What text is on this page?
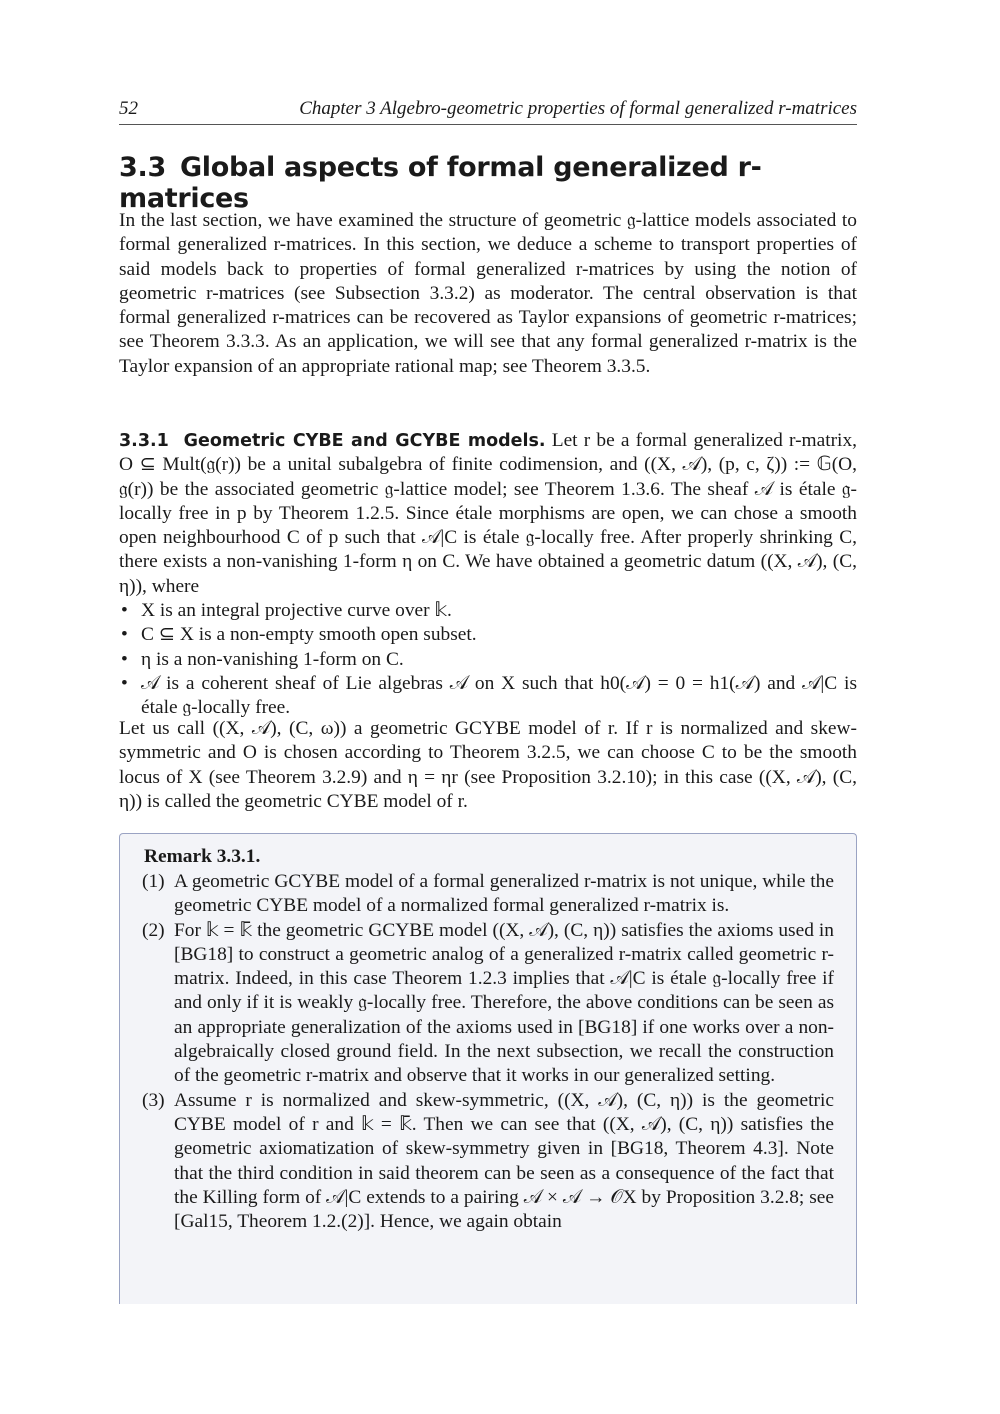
52	Chapter 3 Algebro-geometric properties of formal generalized r-matrices
3.3 Global aspects of formal generalized r-matrices
In the last section, we have examined the structure of geometric 𝔤-lattice models associated to formal generalized r-matrices. In this section, we deduce a scheme to transport properties of said models back to properties of formal generalized r-matrices by using the notion of geometric r-matrices (see Subsection 3.3.2) as moderator. The central observation is that formal generalized r-matrices can be recovered as Taylor expansions of geometric r-matrices; see Theorem 3.3.3. As an application, we will see that any formal generalized r-matrix is the Taylor expansion of an appropriate rational map; see Theorem 3.3.5.
3.3.1 Geometric CYBE and GCYBE models. Let r be a formal generalized r-matrix, O ⊆ Mult(𝔤(r)) be a unital subalgebra of finite codimension, and ((X, 𝒜), (p, c, ζ)) := 𝔾(O, 𝔤(r)) be the associated geometric 𝔤-lattice model; see Theorem 1.3.6. The sheaf 𝒜 is étale 𝔤-locally free in p by Theorem 1.2.5. Since étale morphisms are open, we can chose a smooth open neighbourhood C of p such that 𝒜|C is étale 𝔤-locally free. After properly shrinking C, there exists a non-vanishing 1-form η on C. We have obtained a geometric datum ((X, 𝒜), (C, η)), where
• X is an integral projective curve over 𝕜.
• C ⊆ X is a non-empty smooth open subset.
• η is a non-vanishing 1-form on C.
• 𝒜 is a coherent sheaf of Lie algebras 𝒜 on X such that h0(𝒜) = 0 = h1(𝒜) and 𝒜|C is étale 𝔤-locally free.
Let us call ((X, 𝒜), (C, ω)) a geometric GCYBE model of r. If r is normalized and skew-symmetric and O is chosen according to Theorem 3.2.5, we can choose C to be the smooth locus of X (see Theorem 3.2.9) and η = ηr (see Proposition 3.2.10); in this case ((X, 𝒜), (C, η)) is called the geometric CYBE model of r.
Remark 3.3.1.
(1) A geometric GCYBE model of a formal generalized r-matrix is not unique, while the geometric CYBE model of a normalized formal generalized r-matrix is.
(2) For 𝕜 = 𝕜̄ the geometric GCYBE model ((X, 𝒜), (C, η)) satisfies the axioms used in [BG18] to construct a geometric analog of a generalized r-matrix called geometric r-matrix. Indeed, in this case Theorem 1.2.3 implies that 𝒜|C is étale 𝔤-locally free if and only if it is weakly 𝔤-locally free. Therefore, the above conditions can be seen as an appropriate generalization of the axioms used in [BG18] if one works over a non-algebraically closed ground field. In the next subsection, we recall the construction of the geometric r-matrix and observe that it works in our generalized setting.
(3) Assume r is normalized and skew-symmetric, ((X, 𝒜), (C, η)) is the geometric CYBE model of r and 𝕜 = 𝕜̄. Then we can see that ((X, 𝒜), (C, η)) satisfies the geometric axiomatization of skew-symmetry given in [BG18, Theorem 4.3]. Note that the third condition in said theorem can be seen as a consequence of the fact that the Killing form of 𝒜|C extends to a pairing 𝒜 × 𝒜 → 𝒪X by Proposition 3.2.8; see [Gal15, Theorem 1.2.(2)]. Hence, we again obtain
